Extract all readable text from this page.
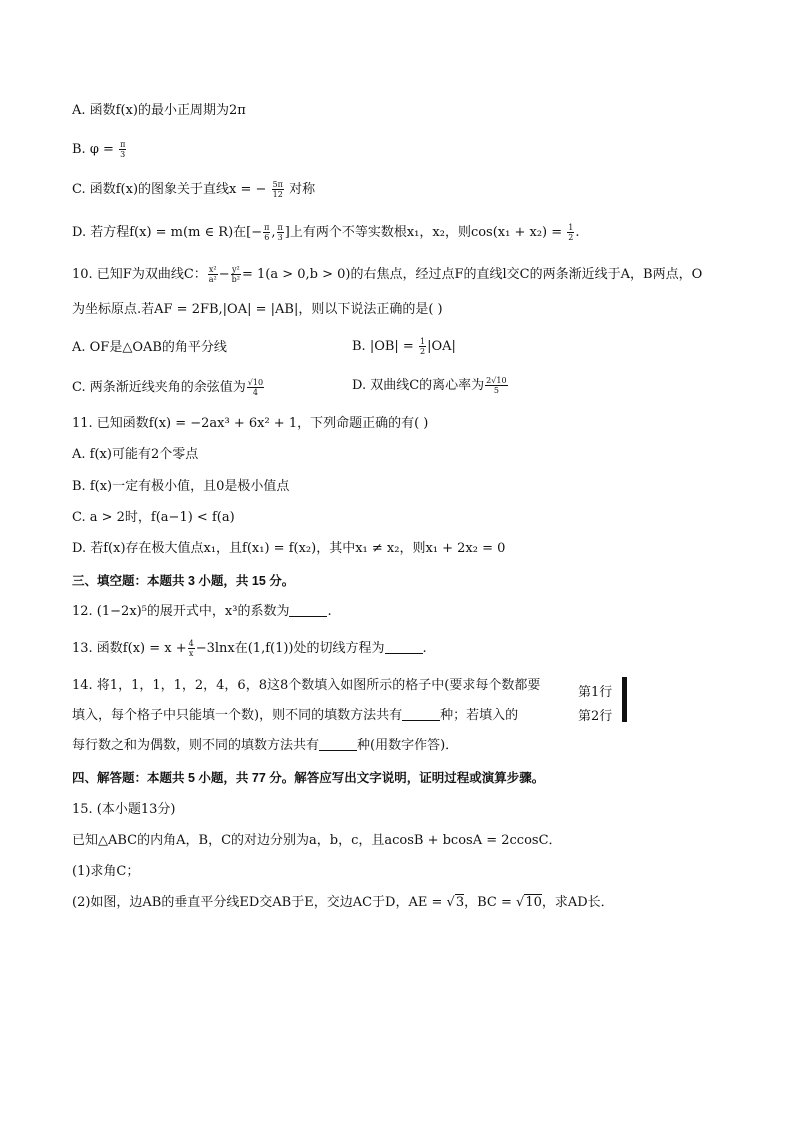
A. 函数f(x)的最小正周期为2π
B. $\varphi = \frac{\pi}{3}$
C. 函数f(x)的图象关于直线x = − $\frac{5\pi}{12}$ 对称
D. 若方程f(x) = m(m ∈ R)在[− $\frac{\pi}{6}$ , $\frac{\pi}{3}$ ]上有两个不等实数根x₁，x₂，则$\cos(x_1 + x_2) = \frac{1}{2}$ .
10. 已知F为双曲线C： $\frac{\text{x²}}{\text{a²}} - \frac{\text{y²}}{\text{b²}} = 1(a > 0,b > 0)$的右焦点，经过点F的直线l交C的两条渐近线于A，B两点，O
为坐标原点.若AF = 2FB,|OA| = |AB|，则以下说法正确的是( )
A. OF是△OAB的角平分线	B. $|OB| = \frac{1}{2} |OA|$
C. 两条渐近线夹角的余弦值为 $\frac{√10}{4}$	D. 双曲线C的离心率为 $\frac{2√10}{5}$
11. 已知函数f(x) = −2ax³ + 6x² + 1，下列命题正确的有( )
A. f(x)可能有2个零点
B. f(x)一定有极小值，且0是极小值点
C. a > 2时，f(a−1) < f(a)
D. 若f(x)存在极大值点x₁，且f(x₁) = f(x₂)，其中x₁ ≠ x₂，则x₁ + 2x₂ = 0
三、填空题：本题共 3 小题，共 15 分。
12. (1−2x)⁵的展开式中，x³的系数为	.
13. 函数$f(x) = x + \frac{4}{x} -3\ln x$在(1,f(1))处的切线方程为	.
14. 将1，1，1，1，2，4，6，8这8个数填入如图所示的格子中(要求每个数都要
填入，每个格子中只能填一个数)，则不同的填数方法共有	种；若填入的
每行数之和为偶数，则不同的填数方法共有	种(用数字作答)．
第1行
第2行

四、解答题：本题共 5 小题，共 77 分。解答应写出文字说明，证明过程或演算步骤。
15. (本小题13分)
已知△ABC的内角A，B，C的对边分别为a，b，c，且acosB + bcosA = 2ccosC．
(1)求角C；
(2)如图，边AB的垂直平分线ED交AB于E，交边AC于D，AE = √3，BC = √10，求AD长．
